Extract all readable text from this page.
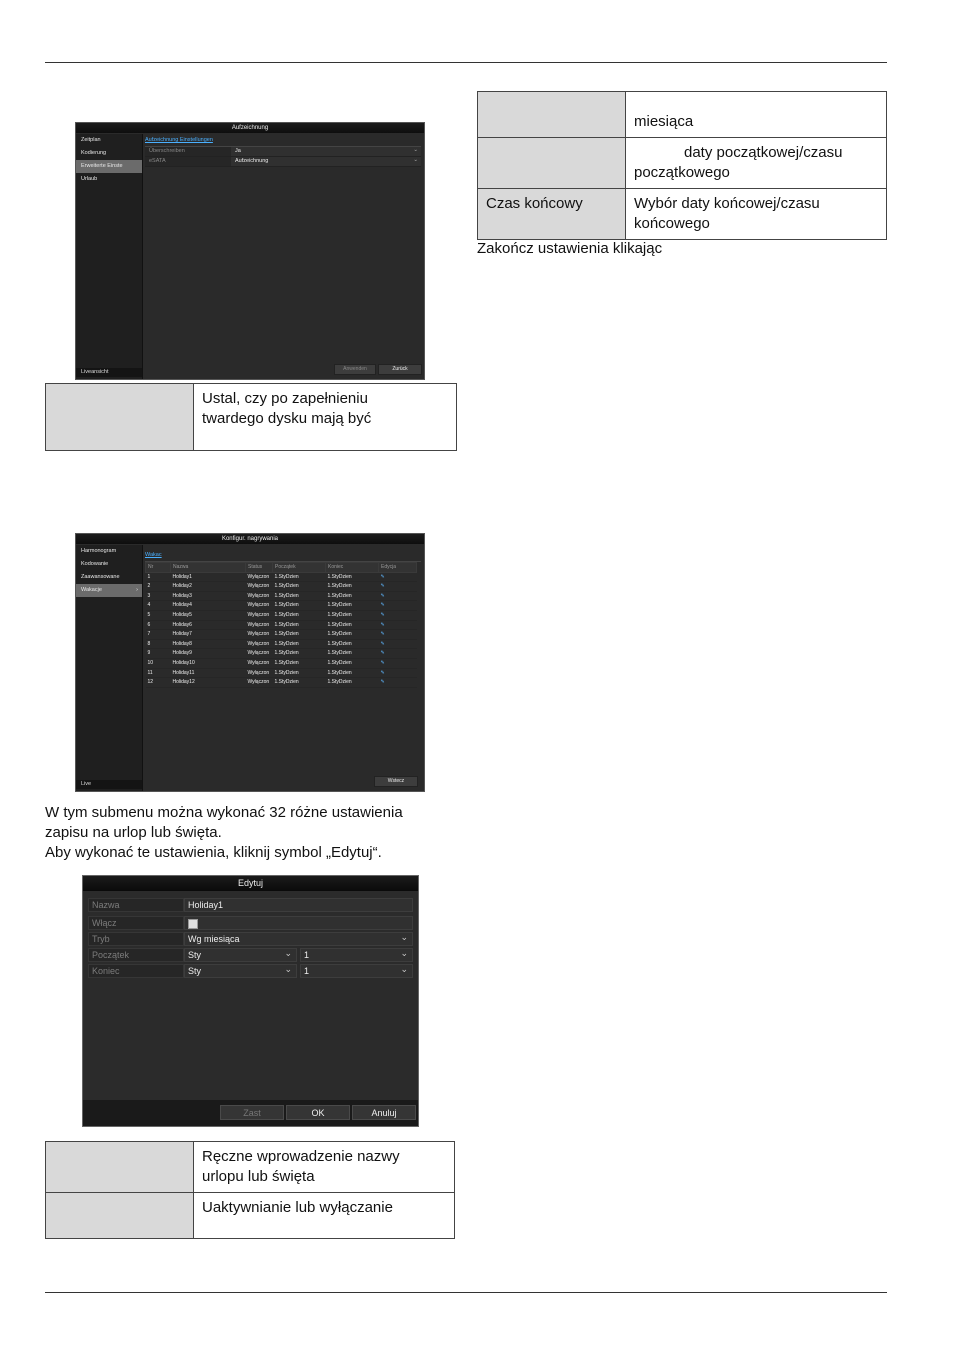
Aufzeichnung
Zeitplan
Kodierung
Erweiterte Einste
Urlaub
Liveansicht
Aufzeichnung Einstellungen
Überschreiben	Ja ⌄
eSATA	Aufzeichnung ⌄
Anwenden	Zurück
	Ustal, czy po zapełnieniu
twardego dysku mają być
Konfigur. nagrywania
Harmonogram
Kodowanie
Zaawansowane
Wakacje	›
Live
Wakac
Nr	Nazwa	Status	Początek	Koniec	Edycja
1	Holiday1	Wyłączon	1.StyDzien	1.StyDzien	✎
2	Holiday2	Wyłączon	1.StyDzien	1.StyDzien	✎
3	Holiday3	Wyłączon	1.StyDzien	1.StyDzien	✎
4	Holiday4	Wyłączon	1.StyDzien	1.StyDzien	✎
5	Holiday5	Wyłączon	1.StyDzien	1.StyDzien	✎
6	Holiday6	Wyłączon	1.StyDzien	1.StyDzien	✎
7	Holiday7	Wyłączon	1.StyDzien	1.StyDzien	✎
8	Holiday8	Wyłączon	1.StyDzien	1.StyDzien	✎
9	Holiday9	Wyłączon	1.StyDzien	1.StyDzien	✎
10	Holiday10	Wyłączon	1.StyDzien	1.StyDzien	✎
11	Holiday11	Wyłączon	1.StyDzien	1.StyDzien	✎
12	Holiday12	Wyłączon	1.StyDzien	1.StyDzien	✎
Wstecz
W tym submenu można wykonać 32 różne ustawienia
zapisu na urlop lub święta.
Aby wykonać te ustawienia, kliknij symbol „Edytuj“.
Edytuj
Nazwa	Holiday1
Włącz
Tryb	Wg miesiąca ⌄
Początek	Sty ⌄	1 ⌄
Koniec	Sty ⌄	1 ⌄
Zast	OK	Anuluj
	Ręczne wprowadzenie nazwy
urlopu lub święta
	Uaktywnianie lub wyłączanie
	miesiąca
	daty początkowej/czasu
początkowego
Czas końcowy	Wybór daty końcowej/czasu
końcowego
Zakończ ustawienia klikając
